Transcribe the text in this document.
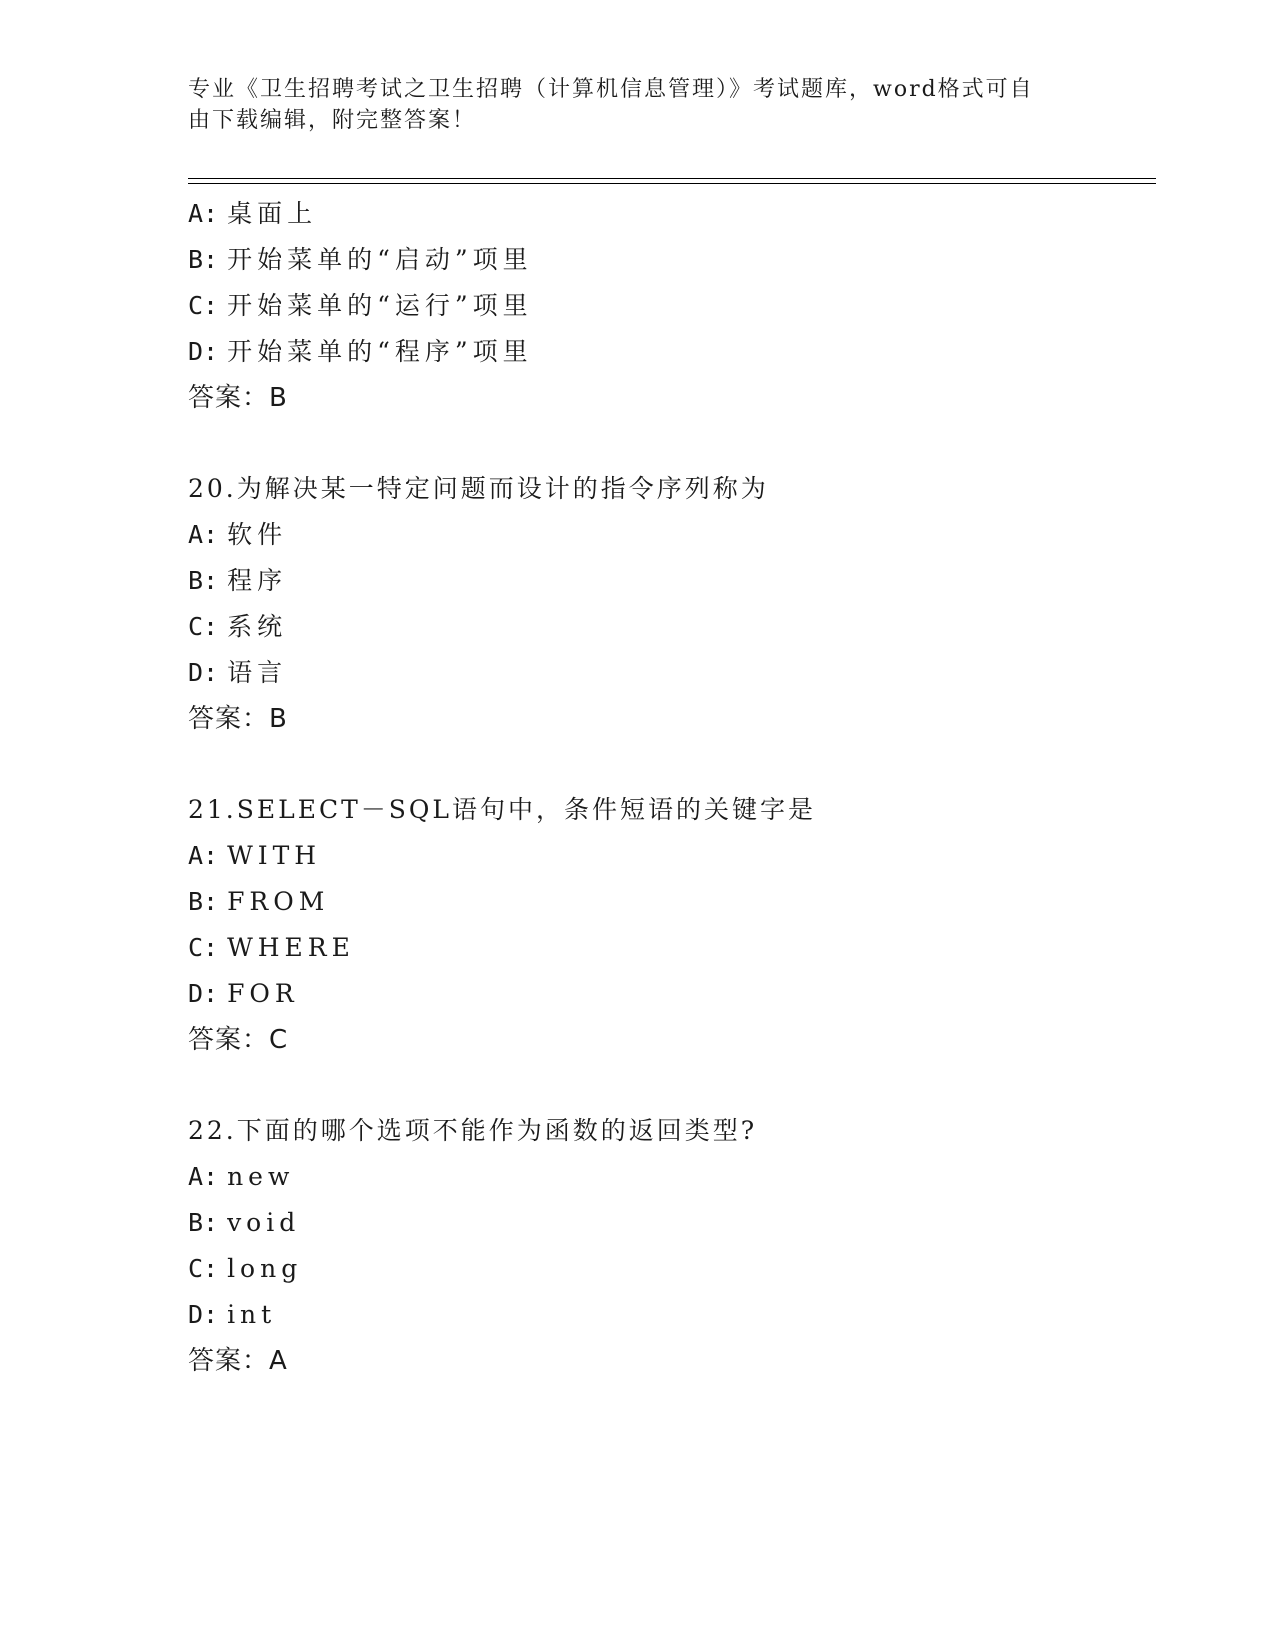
专业《卫生招聘考试之卫生招聘（计算机信息管理）》考试题库，word格式可自
由下载编辑，附完整答案！
A: 桌面上
B: 开始菜单的“启动”项里
C: 开始菜单的“运行”项里
D: 开始菜单的“程序”项里
答案：B
20.为解决某一特定问题而设计的指令序列称为
A: 软件
B: 程序
C: 系统
D: 语言
答案：B
21.SELECT－SQL语句中，条件短语的关键字是
A: WITH
B: FROM
C: WHERE
D: FOR
答案：C
22.下面的哪个选项不能作为函数的返回类型?
A: new
B: void
C: long
D: int
答案：A
